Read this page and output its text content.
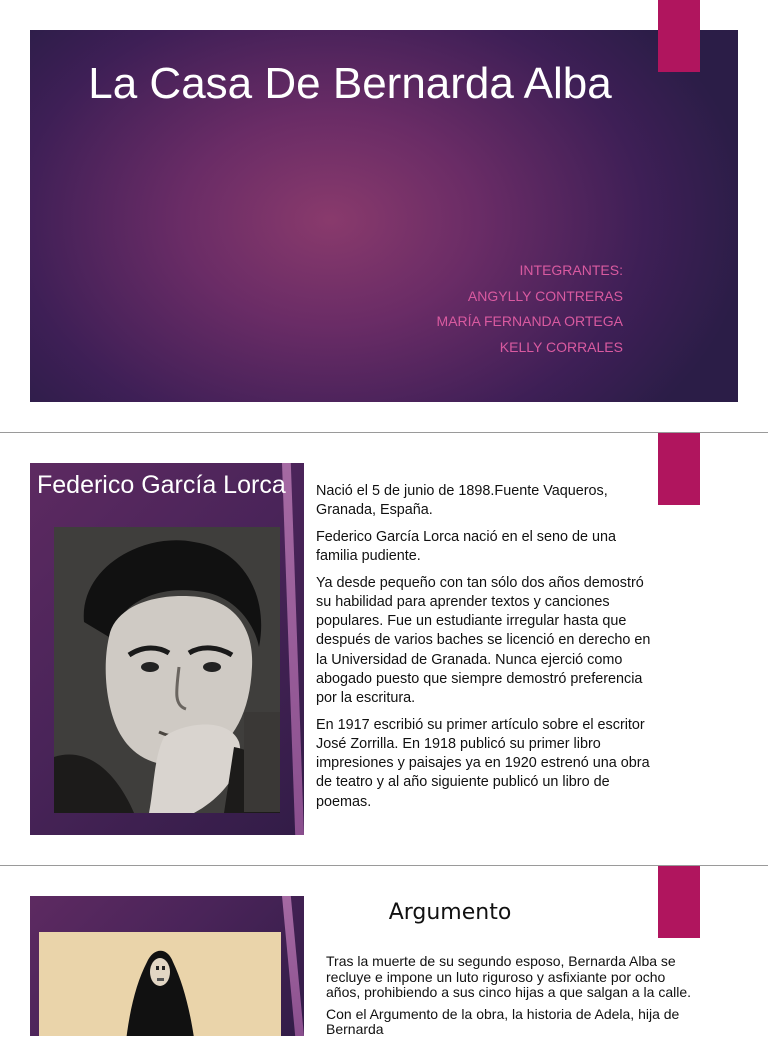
La Casa De Bernarda Alba
INTEGRANTES:
ANGYLLY CONTRERAS
MARÍA FERNANDA ORTEGA
KELLY CORRALES
Federico García Lorca Nació el 5 de junio de 1898.Fuente Vaqueros, Granada, España.

Federico García Lorca nació en el seno de una familia pudiente.

Ya desde pequeño con tan sólo dos años demostró su habilidad para aprender textos y canciones populares. Fue un estudiante irregular hasta que después de varios baches se licenció en derecho en la Universidad de Granada. Nunca ejerció como abogado puesto que siempre demostró preferencia por la escritura.

En 1917 escribió su primer artículo sobre el escritor José Zorrilla. En 1918 publicó su primer libro impresiones y paisajes ya en 1920 estrenó una obra de teatro y al año siguiente publicó un libro de poemas.

Argumento

Tras la muerte de su segundo esposo, Bernarda Alba se recluye e impone un luto riguroso y asfixiante por ocho años, prohibiendo a sus cinco hijas a que salgan a la calle.

Con el Argumento de la obra, la historia de Adela, hija de Bernarda
